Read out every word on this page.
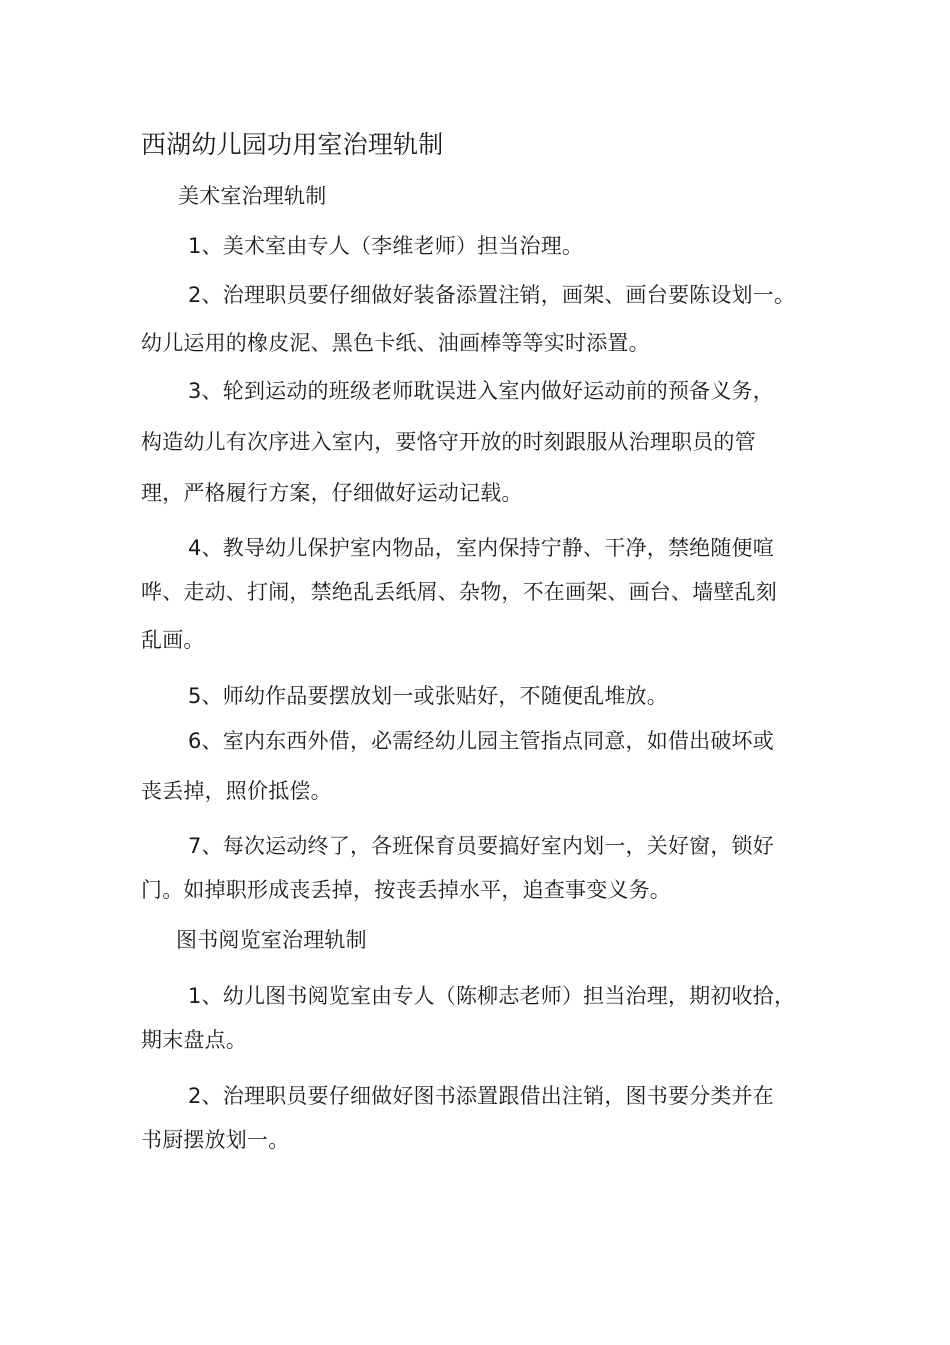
西湖幼儿园功用室治理轨制
美术室治理轨制
1、美术室由专人（李维老师）担当治理。
2、治理职员要仔细做好装备添置注销，画架、画台要陈设划一。
幼儿运用的橡皮泥、黑色卡纸、油画棒等等实时添置。
3、轮到运动的班级老师耽误进入室内做好运动前的预备义务，
构造幼儿有次序进入室内，要恪守开放的时刻跟服从治理职员的管
理，严格履行方案，仔细做好运动记载。
4、教导幼儿保护室内物品，室内保持宁静、干净，禁绝随便喧
哗、走动、打闹，禁绝乱丢纸屑、杂物，不在画架、画台、墙壁乱刻
乱画。
5、师幼作品要摆放划一或张贴好，不随便乱堆放。
6、室内东西外借，必需经幼儿园主管指点同意，如借出破坏或
丧丢掉，照价抵偿。
7、每次运动终了，各班保育员要搞好室内划一，关好窗，锁好
门。如掉职形成丧丢掉，按丧丢掉水平，追查事变义务。
图书阅览室治理轨制
1、幼儿图书阅览室由专人（陈柳志老师）担当治理，期初收拾，
期末盘点。
2、治理职员要仔细做好图书添置跟借出注销，图书要分类并在
书厨摆放划一。
